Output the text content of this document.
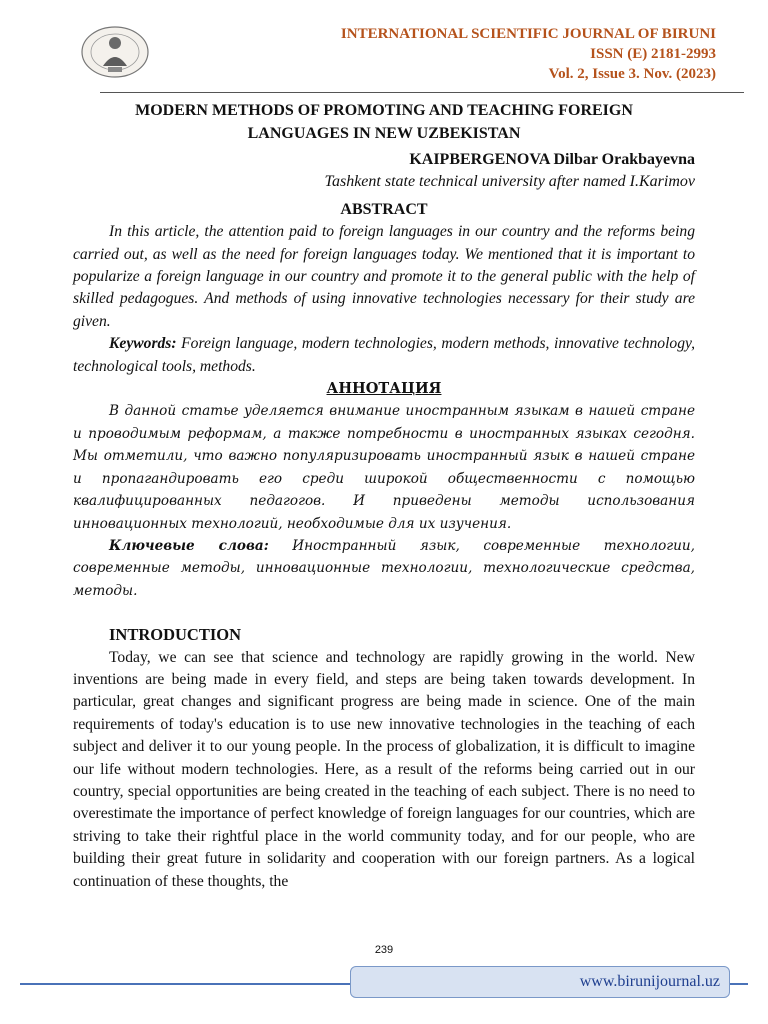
INTERNATIONAL SCIENTIFIC JOURNAL OF BIRUNI
ISSN (E) 2181-2993
Vol. 2, Issue 3. Nov. (2023)
MODERN METHODS OF PROMOTING AND TEACHING FOREIGN
LANGUAGES IN NEW UZBEKISTAN
KAIPBERGENOVA Dilbar Orakbayevna
Tashkent state technical university after named I.Karimov
ABSTRACT

In this article, the attention paid to foreign languages in our country and the reforms being carried out, as well as the need for foreign languages today. We mentioned that it is important to popularize a foreign language in our country and promote it to the general public with the help of skilled pedagogues. And methods of using innovative technologies necessary for their study are given.

Keywords: Foreign language, modern technologies, modern methods, innovative technology, technological tools, methods.

АННОТАЦИЯ

В данной статье уделяется внимание иностранным языкам в нашей стране и проводимым реформам, а также потребности в иностранных языках сегодня. Мы отметили, что важно популяризировать иностранный язык в нашей стране и пропагандировать его среди широкой общественности с помощью квалифицированных педагогов. И приведены методы использования инновационных технологий, необходимые для их изучения.

Ключевые слова: Иностранный язык, современные технологии, современные методы, инновационные технологии, технологические средства, методы.

INTRODUCTION

Today, we can see that science and technology are rapidly growing in the world. New inventions are being made in every field, and steps are being taken towards development. In particular, great changes and significant progress are being made in science. One of the main requirements of today's education is to use new innovative technologies in the teaching of each subject and deliver it to our young people. In the process of globalization, it is difficult to imagine our life without modern technologies. Here, as a result of the reforms being carried out in our country, special opportunities are being created in the teaching of each subject. There is no need to overestimate the importance of perfect knowledge of foreign languages for our countries, which are striving to take their rightful place in the world community today, and for our people, who are building their great future in solidarity and cooperation with our foreign partners. As a logical continuation of these thoughts, the

239
www.birunijournal.uz
